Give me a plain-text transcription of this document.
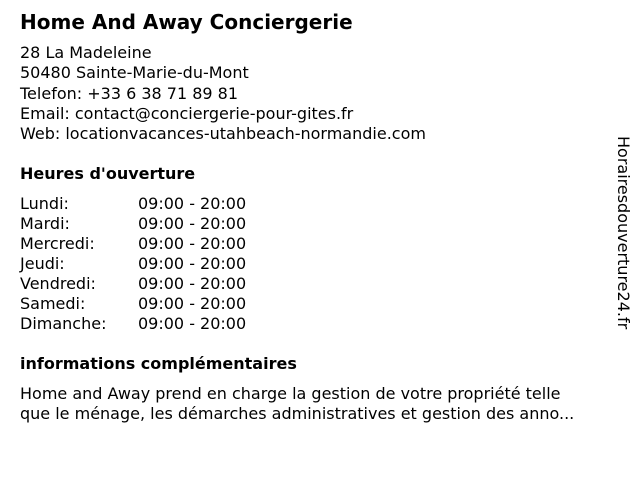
Home And Away Conciergerie
28 La Madeleine
50480 Sainte-Marie-du-Mont
Telefon: +33 6 38 71 89 81
Email: contact@conciergerie-pour-gites.fr
Web: locationvacances-utahbeach-normandie.com
Heures d'ouverture
Lundi:	09:00 - 20:00
Mardi:	09:00 - 20:00
Mercredi:	09:00 - 20:00
Jeudi:	09:00 - 20:00
Vendredi:	09:00 - 20:00
Samedi:	09:00 - 20:00
Dimanche:	09:00 - 20:00
informations complémentaires

Home and Away prend en charge la gestion de votre propriété telle
que le ménage, les démarches administratives et gestion des anno...

Horairesdouverture24.fr
